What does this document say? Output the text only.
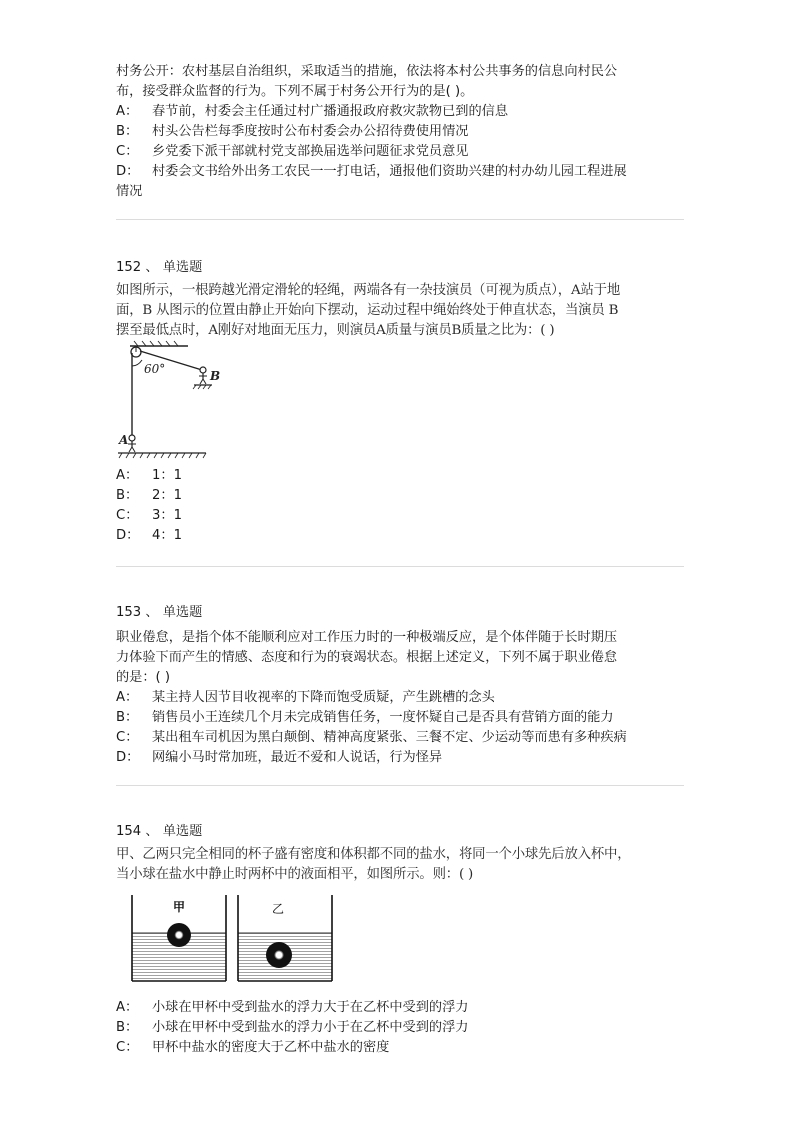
村务公开：农村基层自治组织，采取适当的措施，依法将本村公共事务的信息向村民公

布，接受群众监督的行为。下列不属于村务公开行为的是( )。

A： 春节前，村委会主任通过村广播通报政府救灾款物已到的信息

B： 村头公告栏每季度按时公布村委会办公招待费使用情况

C： 乡党委下派干部就村党支部换届选举问题征求党员意见

D： 村委会文书给外出务工农民一一打电话，通报他们资助兴建的村办幼儿园工程进展

情况

152 、 单选题

如图所示，一根跨越光滑定滑轮的轻绳，两端各有一杂技演员（可视为质点），A站于地

面，B 从图示的位置由静止开始向下摆动，运动过程中绳始终处于伸直状态，当演员 B

摆至最低点时，A刚好对地面无压力，则演员A质量与演员B质量之比为：( )

60°	B
A

A： 1：1

B： 2：1

C： 3：1

D： 4：1

153 、 单选题

职业倦怠，是指个体不能顺利应对工作压力时的一种极端反应，是个体伴随于长时期压

力体验下而产生的情感、态度和行为的衰竭状态。根据上述定义，下列不属于职业倦怠

的是：( )

A： 某主持人因节目收视率的下降而饱受质疑，产生跳槽的念头

B： 销售员小王连续几个月未完成销售任务，一度怀疑自己是否具有营销方面的能力

C： 某出租车司机因为黑白颠倒、精神高度紧张、三餐不定、少运动等而患有多种疾病

D： 网编小马时常加班，最近不爱和人说话，行为怪异

154 、 单选题

甲、乙两只完全相同的杯子盛有密度和体积都不同的盐水，将同一个小球先后放入杯中，

当小球在盐水中静止时两杯中的液面相平，如图所示。则：( )

甲	乙

A： 小球在甲杯中受到盐水的浮力大于在乙杯中受到的浮力

B： 小球在甲杯中受到盐水的浮力小于在乙杯中受到的浮力

C： 甲杯中盐水的密度大于乙杯中盐水的密度
